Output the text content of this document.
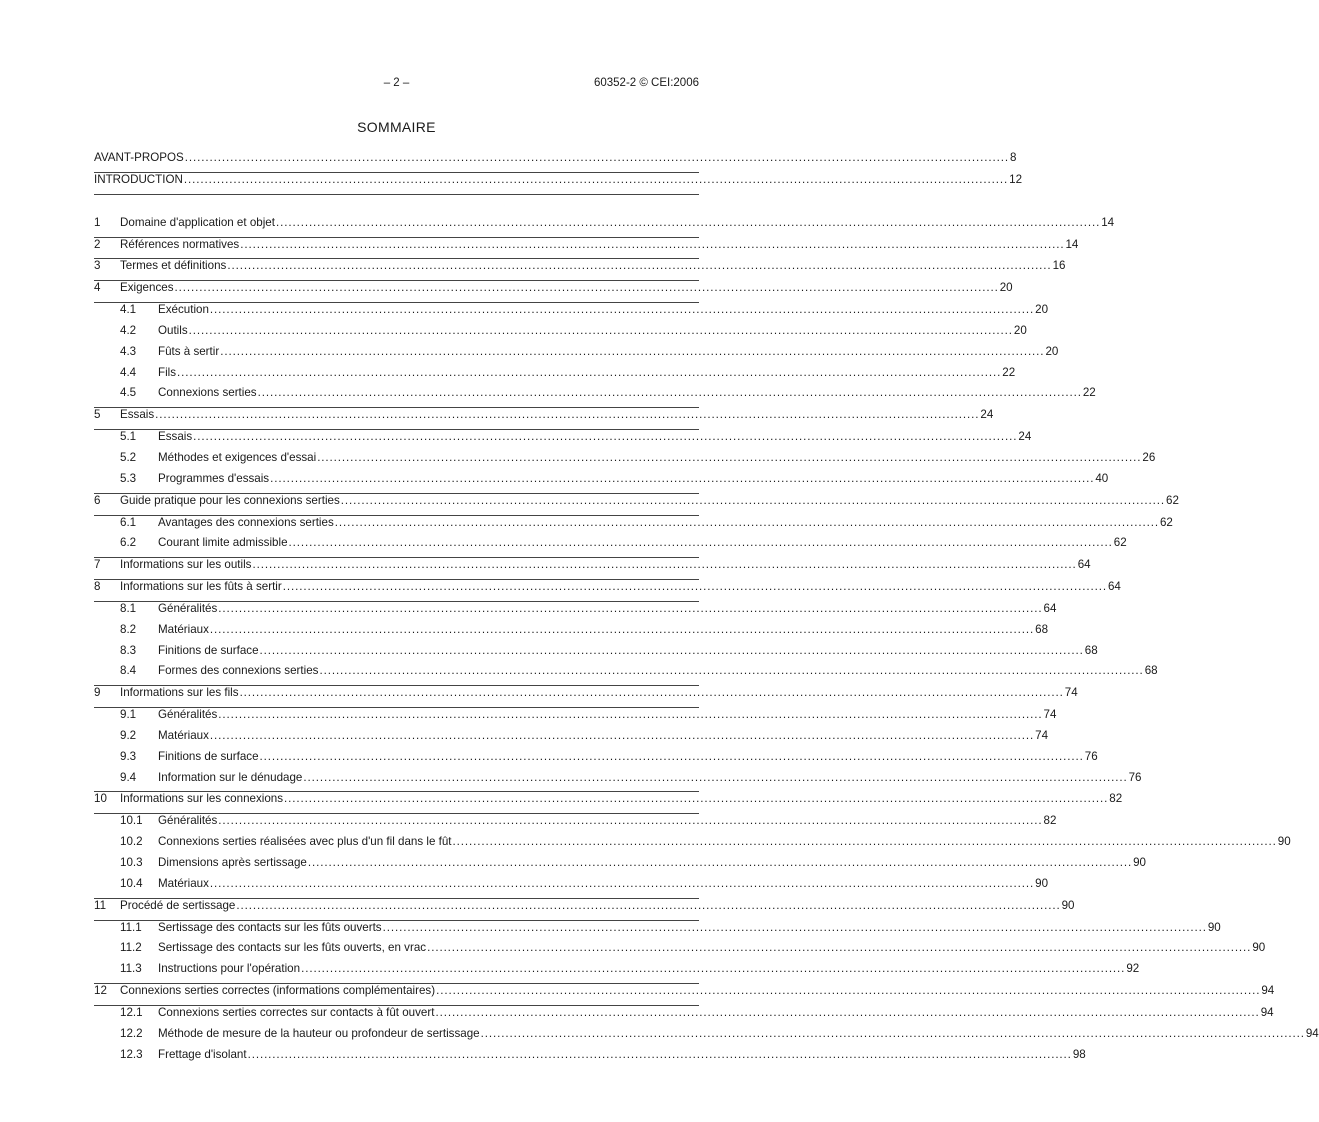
– 2 –	60352-2 © CEI:2006
SOMMAIRE
AVANT-PROPOS ........................................................................................................................................................................................................ 8
INTRODUCTION ........................................................................................................................................................................................................ 12
1	Domaine d'application et objet ........................................................................................................................................................................................................ 14
2	Références normatives ........................................................................................................................................................................................................ 14
3	Termes et définitions ........................................................................................................................................................................................................ 16
4	Exigences ........................................................................................................................................................................................................ 20
4.1	Exécution ........................................................................................................................................................................................................ 20
4.2	Outils ........................................................................................................................................................................................................ 20
4.3	Fûts à sertir ........................................................................................................................................................................................................ 20
4.4	Fils ........................................................................................................................................................................................................ 22
4.5	Connexions serties ........................................................................................................................................................................................................ 22
5	Essais ........................................................................................................................................................................................................ 24
5.1	Essais ........................................................................................................................................................................................................ 24
5.2	Méthodes et exigences d'essai ........................................................................................................................................................................................................ 26
5.3	Programmes d'essais ........................................................................................................................................................................................................ 40
6	Guide pratique pour les connexions serties ........................................................................................................................................................................................................ 62
6.1	Avantages des connexions serties ........................................................................................................................................................................................................ 62
6.2	Courant limite admissible ........................................................................................................................................................................................................ 62
7	Informations sur les outils ........................................................................................................................................................................................................ 64
8	Informations sur les fûts à sertir ........................................................................................................................................................................................................ 64
8.1	Généralités ........................................................................................................................................................................................................ 64
8.2	Matériaux ........................................................................................................................................................................................................ 68
8.3	Finitions de surface ........................................................................................................................................................................................................ 68
8.4	Formes des connexions serties ........................................................................................................................................................................................................ 68
9	Informations sur les fils ........................................................................................................................................................................................................ 74
9.1	Généralités ........................................................................................................................................................................................................ 74
9.2	Matériaux ........................................................................................................................................................................................................ 74
9.3	Finitions de surface ........................................................................................................................................................................................................ 76
9.4	Information sur le dénudage ........................................................................................................................................................................................................ 76
10	Informations sur les connexions ........................................................................................................................................................................................................ 82
10.1	Généralités ........................................................................................................................................................................................................ 82
10.2	Connexions serties réalisées avec plus d'un fil dans le fût ........................................................................................................................................................................................................ 90
10.3	Dimensions après sertissage ........................................................................................................................................................................................................ 90
10.4	Matériaux ........................................................................................................................................................................................................ 90
11	Procédé de sertissage ........................................................................................................................................................................................................ 90
11.1	Sertissage des contacts sur les fûts ouverts ........................................................................................................................................................................................................ 90
11.2	Sertissage des contacts sur les fûts ouverts, en vrac ........................................................................................................................................................................................................ 90
11.3	Instructions pour l'opération ........................................................................................................................................................................................................ 92
12	Connexions serties correctes (informations complémentaires) ........................................................................................................................................................................................................ 94
12.1	Connexions serties correctes sur contacts à fût ouvert ........................................................................................................................................................................................................ 94
12.2	Méthode de mesure de la hauteur ou profondeur de sertissage ........................................................................................................................................................................................................ 94
12.3	Frettage d'isolant ........................................................................................................................................................................................................ 98
